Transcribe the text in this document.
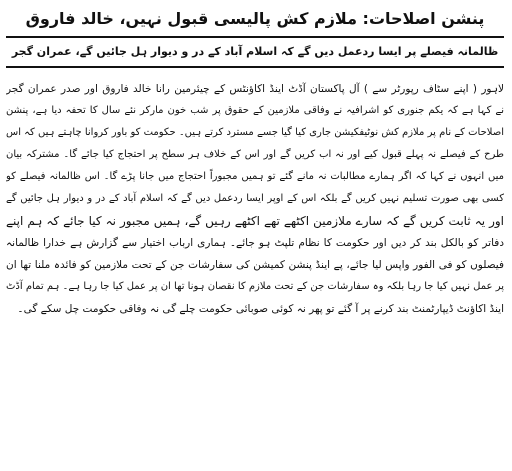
پنشن اصلاحات: ملازم کش پالیسی قبول نہیں، خالد فاروق
ظالمانہ فیصلے پر ایسا ردعمل دیں گے کہ اسلام آباد کے در و دیوار ہل جائیں گے، عمران گجر
لاہور ( اپنے سٹاف رپورٹر سے ) آل پاکستان آڈٹ اینڈ اکاؤنٹس کے چیئرمین رانا خالد فاروق اور صدر عمران گجر
نے کہا ہے کہ یکم جنوری کو اشرافیہ نے وفاقی ملازمین کے حقوق پر شب خون مارکر نئے سال کا تحفہ دیا ہے، پنشن
اصلاحات کے نام پر ملازم کش نوٹیفکیشن جاری کیا گیا جسے مسترد کرتے ہیں۔ حکومت کو باور کروانا چاہتے ہیں کہ اس
طرح کے فیصلے نہ پہلے قبول کیے اور نہ اب کریں گے اور اس کے خلاف ہر سطح پر احتجاج کیا جائے گا۔ مشترکہ بیان
میں انہوں نے کہا کہ اگر ہمارے مطالبات نہ مانے گئے تو ہمیں مجبوراً احتجاج میں جانا پڑے گا۔ اس ظالمانہ فیصلے کو
کسی بھی صورت تسلیم نہیں کریں گے بلکہ اس کے اوپر ایسا ردعمل دیں گے کہ اسلام آباد کے در و دیوار ہل جائیں گے
اور یہ ثابت کریں گے کہ سارے ملازمین اکٹھے تھے اکٹھے رہیں گے، ہمیں مجبور نہ کیا جائے کہ ہم اپنے
دفاتر کو بالکل بند کر دیں اور حکومت کا نظام تلپٹ ہو جائے۔ ہماری ارباب اختیار سے گزارش ہے خدارا ظالمانہ
فیصلوں کو فی الفور واپس لیا جائے، پے اینڈ پنشن کمیشن کی سفارشات جن کے تحت ملازمین کو فائدہ ملنا تھا ان
پر عمل نہیں کیا جا رہا بلکہ وہ سفارشات جن کے تحت ملازم کا نقصان ہونا تھا ان پر عمل کیا جا رہا ہے۔ ہم تمام آڈٹ
اینڈ اکاؤنٹ ڈیپارٹمنٹ بند کرنے پر آ گئے تو پھر نہ کوئی صوبائی حکومت چلے گی نہ وفاقی حکومت چل سکے گی۔
